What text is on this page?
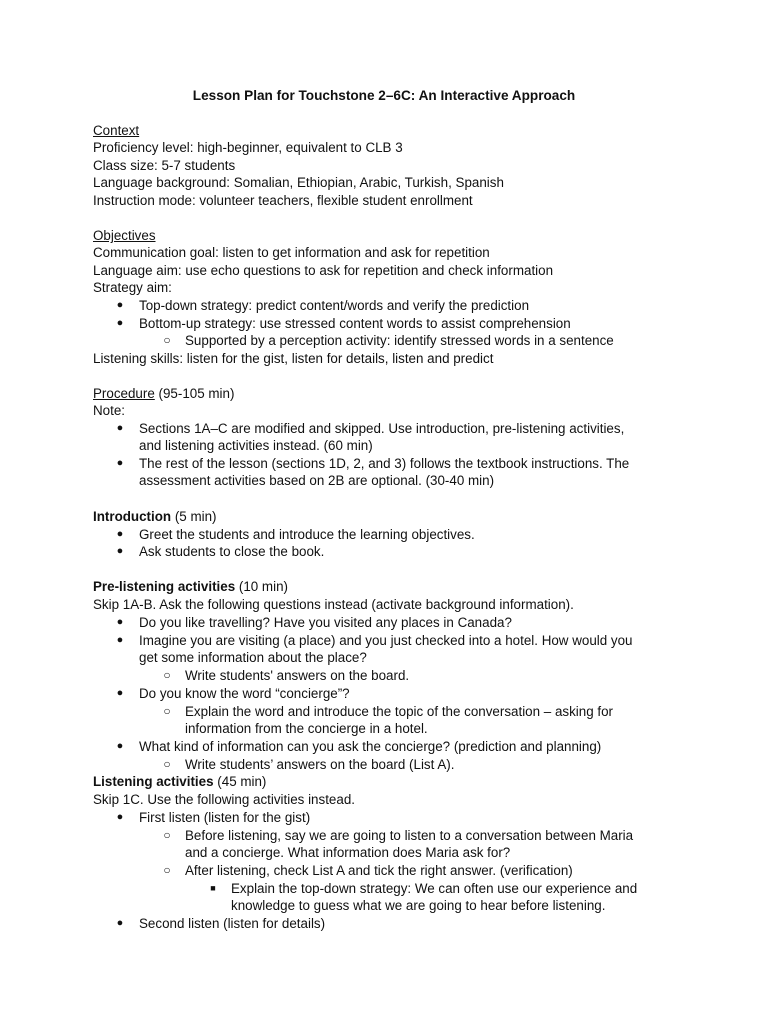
Lesson Plan for Touchstone 2–6C: An Interactive Approach
Context
Proficiency level: high-beginner, equivalent to CLB 3
Class size: 5-7 students
Language background: Somalian, Ethiopian, Arabic, Turkish, Spanish
Instruction mode: volunteer teachers, flexible student enrollment
Objectives
Communication goal: listen to get information and ask for repetition
Language aim: use echo questions to ask for repetition and check information
Strategy aim:
● Top-down strategy: predict content/words and verify the prediction
● Bottom-up strategy: use stressed content words to assist comprehension
○ Supported by a perception activity: identify stressed words in a sentence
Listening skills: listen for the gist, listen for details, listen and predict
Procedure (95-105 min)
Note:
● Sections 1A–C are modified and skipped. Use introduction, pre-listening activities,
and listening activities instead. (60 min)
● The rest of the lesson (sections 1D, 2, and 3) follows the textbook instructions. The
assessment activities based on 2B are optional. (30-40 min)
Introduction (5 min)
● Greet the students and introduce the learning objectives.
● Ask students to close the book.
Pre-listening activities (10 min)
Skip 1A-B. Ask the following questions instead (activate background information).
● Do you like travelling? Have you visited any places in Canada?
● Imagine you are visiting (a place) and you just checked into a hotel. How would you
get some information about the place?
○ Write students' answers on the board.
● Do you know the word “concierge”?
○ Explain the word and introduce the topic of the conversation – asking for
information from the concierge in a hotel.
● What kind of information can you ask the concierge? (prediction and planning)
○ Write students’ answers on the board (List A).
Listening activities (45 min)
Skip 1C. Use the following activities instead.
● First listen (listen for the gist)
○ Before listening, say we are going to listen to a conversation between Maria
and a concierge. What information does Maria ask for?
○ After listening, check List A and tick the right answer. (verification)
■ Explain the top-down strategy: We can often use our experience and
knowledge to guess what we are going to hear before listening.
● Second listen (listen for details)
